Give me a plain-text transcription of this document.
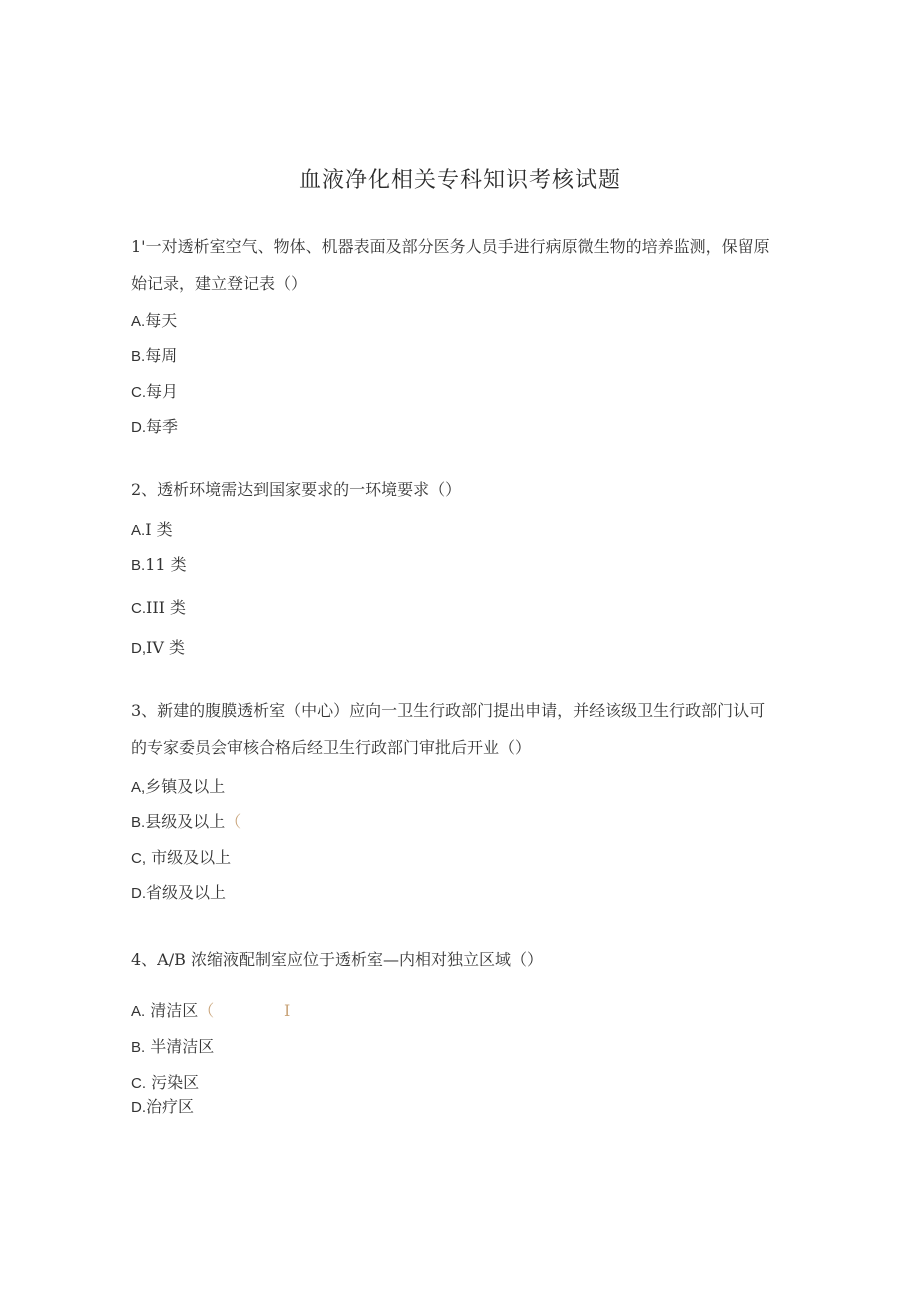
血液净化相关专科知识考核试题

1'一对透析室空气、物体、机器表面及部分医务人员手进行病原微生物的培养监测，保留原始记录，建立登记表（）

A.每天
B.每周
C.每月
D.每季

2、透析环境需达到国家要求的一环境要求（）

A.I 类
B.11 类
C.III 类
D,IV 类

3、新建的腹膜透析室（中心）应向一卫生行政部门提出申请，并经该级卫生行政部门认可的专家委员会审核合格后经卫生行政部门审批后开业（）

A,乡镇及以上
B.县级及以上（
C, 市级及以上
D.省级及以上

4、A/B 浓缩液配制室应位于透析室—内相对独立区域（）

A. 清洁区（	I
B. 半清洁区
C. 污染区
D.治疗区
